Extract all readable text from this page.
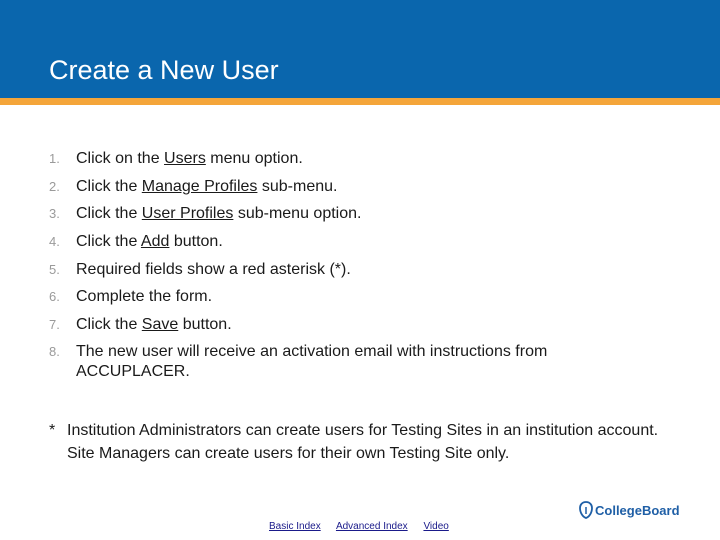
Create a New User
1.	Click on the Users menu option.
2.	Click the Manage Profiles sub-menu.
3.	Click the User Profiles sub-menu option.
4.	Click the Add button.
5.	Required fields show a red asterisk (*).
6.	Complete the form.
7.	Click the Save button.
8.	The new user will receive an activation email with instructions from ACCUPLACER.
* Institution Administrators can create users for Testing Sites in an institution account. Site Managers can create users for their own Testing Site only.
Basic Index Advanced Index Video
CollegeBoard
